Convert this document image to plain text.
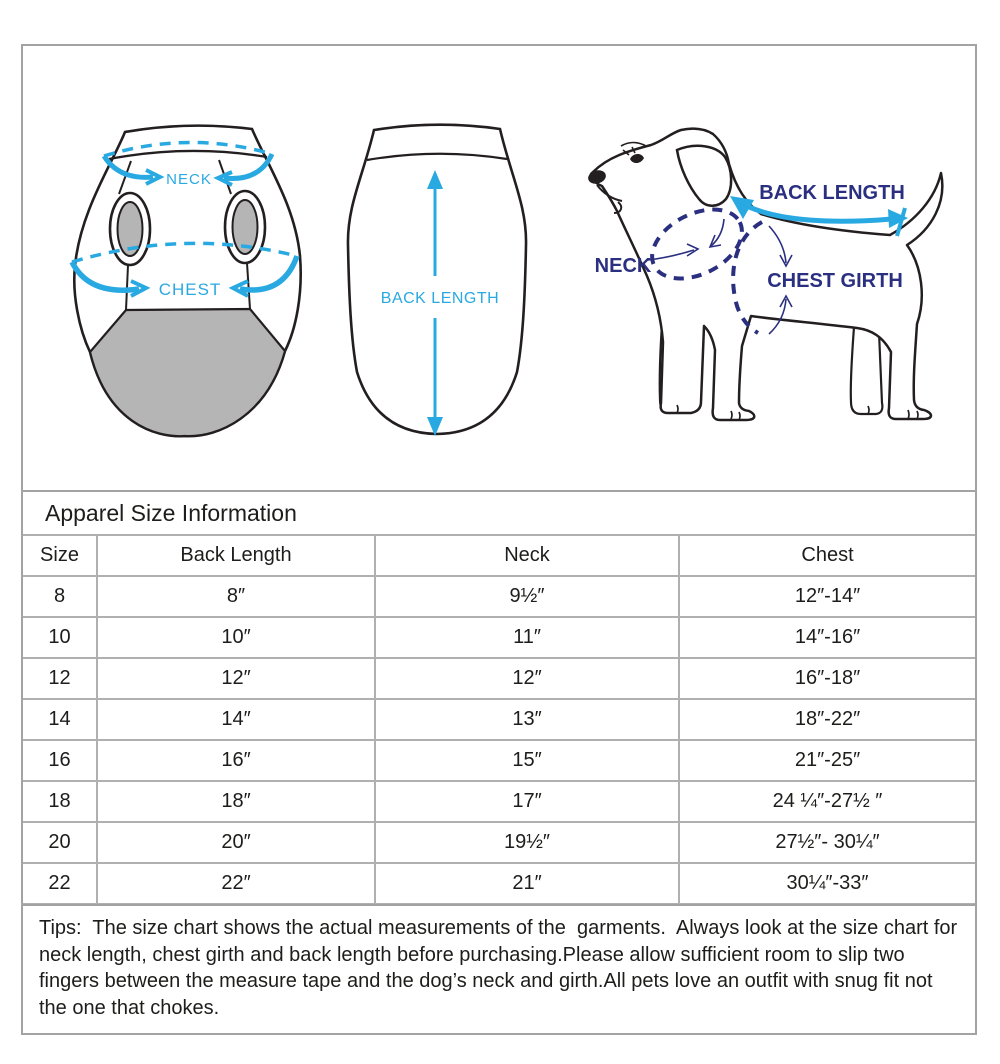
NECK
CHEST	BACK LENGTH
BACK LENGTH
NECK
CHEST GIRTH
Apparel Size Information
Size	Back Length	Neck	Chest
8	8″	9½″	12″-14″
10	10″	11″	14″-16″
12	12″	12″	16″-18″
14	14″	13″	18″-22″
16	16″	15″	21″-25″
18	18″	17″	24 ¼″-27½ ″
20	20″	19½″	27½″- 30¼″
22	22″	21″	30¼″-33″
Tips:  The size chart shows the actual measurements of the  garments.  Always look at the size chart for neck length, chest girth and back length before purchasing.Please allow sufficient room to slip two fingers between the measure tape and the dog’s neck and girth.All pets love an outfit with snug fit not the one that chokes.
